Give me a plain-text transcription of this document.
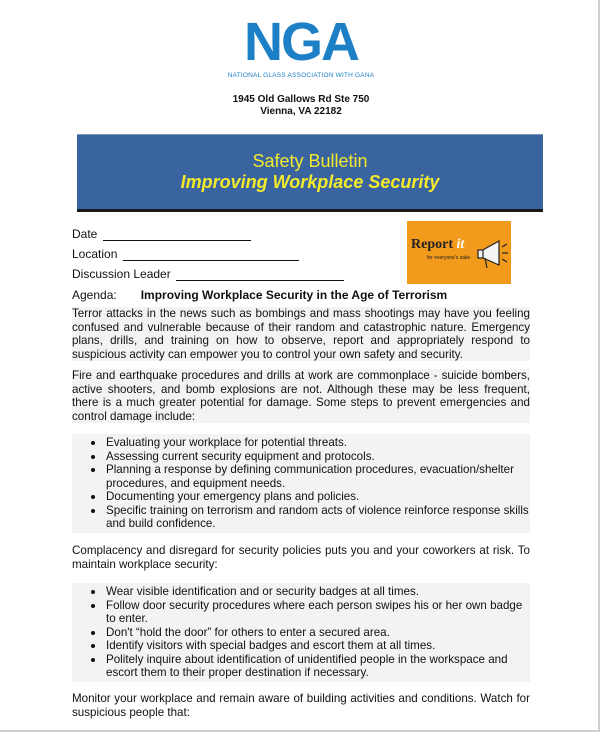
NGA
NATIONAL GLASS ASSOCIATION WITH GANA
1945 Old Gallows Rd Ste 750
Vienna, VA 22182
Safety Bulletin
Improving Workplace Security
Date
Location
Discussion Leader
Agenda: Improving Workplace Security in the Age of Terrorism
Report it
for everyone's sake

Terror attacks in the news such as bombings and mass shootings may have you feeling confused and vulnerable because of their random and catastrophic nature. Emergency plans, drills, and training on how to observe, report and appropriately respond to suspicious activity can empower you to control your own safety and security.

Fire and earthquake procedures and drills at work are commonplace - suicide bombers, active shooters, and bomb explosions are not. Although these may be less frequent, there is a much greater potential for damage. Some steps to prevent emergencies and control damage include:

Evaluating your workplace for potential threats.
Assessing current security equipment and protocols.
Planning a response by defining communication procedures, evacuation/shelter procedures, and equipment needs.
Documenting your emergency plans and policies.
Specific training on terrorism and random acts of violence reinforce response skills and build confidence.

Complacency and disregard for security policies puts you and your coworkers at risk. To maintain workplace security:

Wear visible identification and or security badges at all times.
Follow door security procedures where each person swipes his or her own badge to enter.
Don't “hold the door” for others to enter a secured area.
Identify visitors with special badges and escort them at all times.
Politely inquire about identification of unidentified people in the workspace and escort them to their proper destination if necessary.

Monitor your workplace and remain aware of building activities and conditions. Watch for suspicious people that:
